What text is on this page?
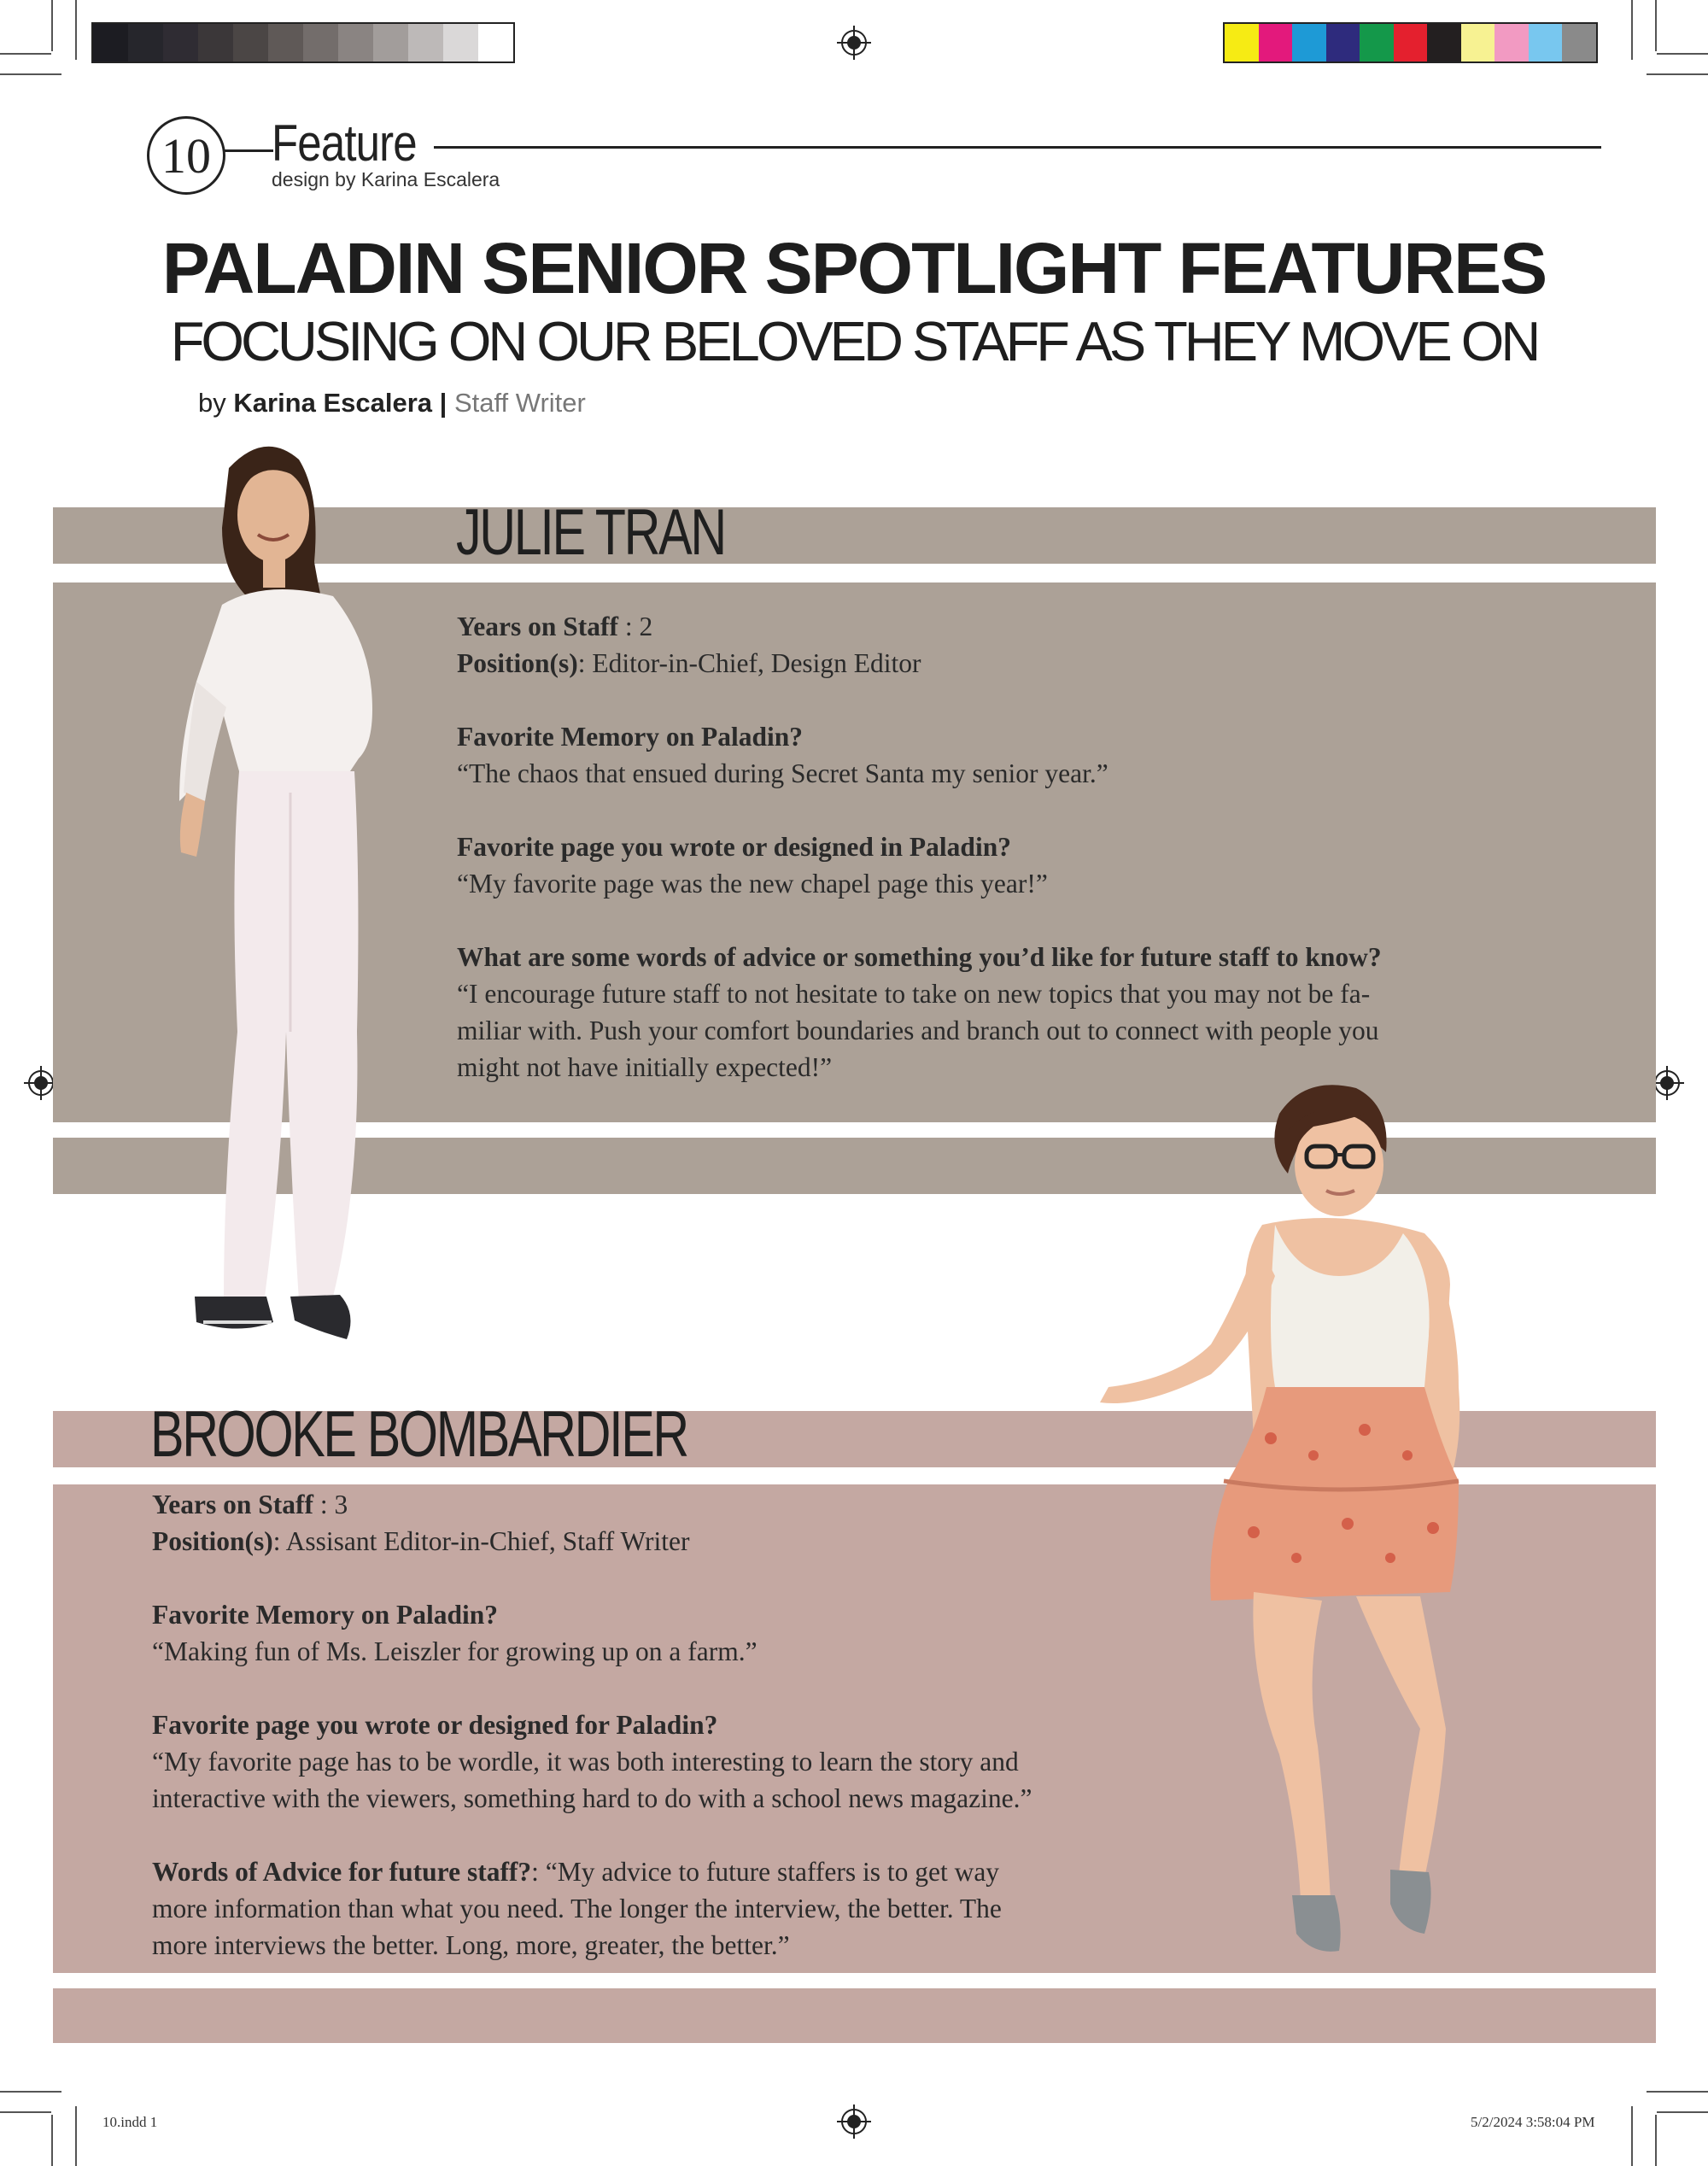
10 Feature
design by Karina Escalera
PALADIN SENIOR SPOTLIGHT FEATURES
FOCUSING ON OUR BELOVED STAFF AS THEY MOVE ON
by Karina Escalera | Staff Writer
JULIE TRAN

Years on Staff : 2

Position(s): Editor-in-Chief, Design Editor

Favorite Memory on Paladin?

“The chaos that ensued during Secret Santa my senior year.”

Favorite page you wrote or designed in Paladin?

“My favorite page was the new chapel page this year!”

What are some words of advice or something you’d like for future staff to know?

“I encourage future staff to not hesitate to take on new topics that you may not be fa-

miliar with. Push your comfort boundaries and branch out to connect with people you

might not have initially expected!”

BROOKE BOMBARDIER

Years on Staff : 3

Position(s): Assisant Editor-in-Chief, Staff Writer

Favorite Memory on Paladin?

“Making fun of Ms. Leiszler for growing up on a farm.”

Favorite page you wrote or designed for Paladin?

“My favorite page has to be wordle, it was both interesting to learn the story and

interactive with the viewers, something hard to do with a school news magazine.”

Words of Advice for future staff?: “My advice to future staffers is to get way

more information than what you need. The longer the interview, the better. The

more interviews the better. Long, more, greater, the better.”

10.indd 1	5/2/2024 3:58:04 PM
